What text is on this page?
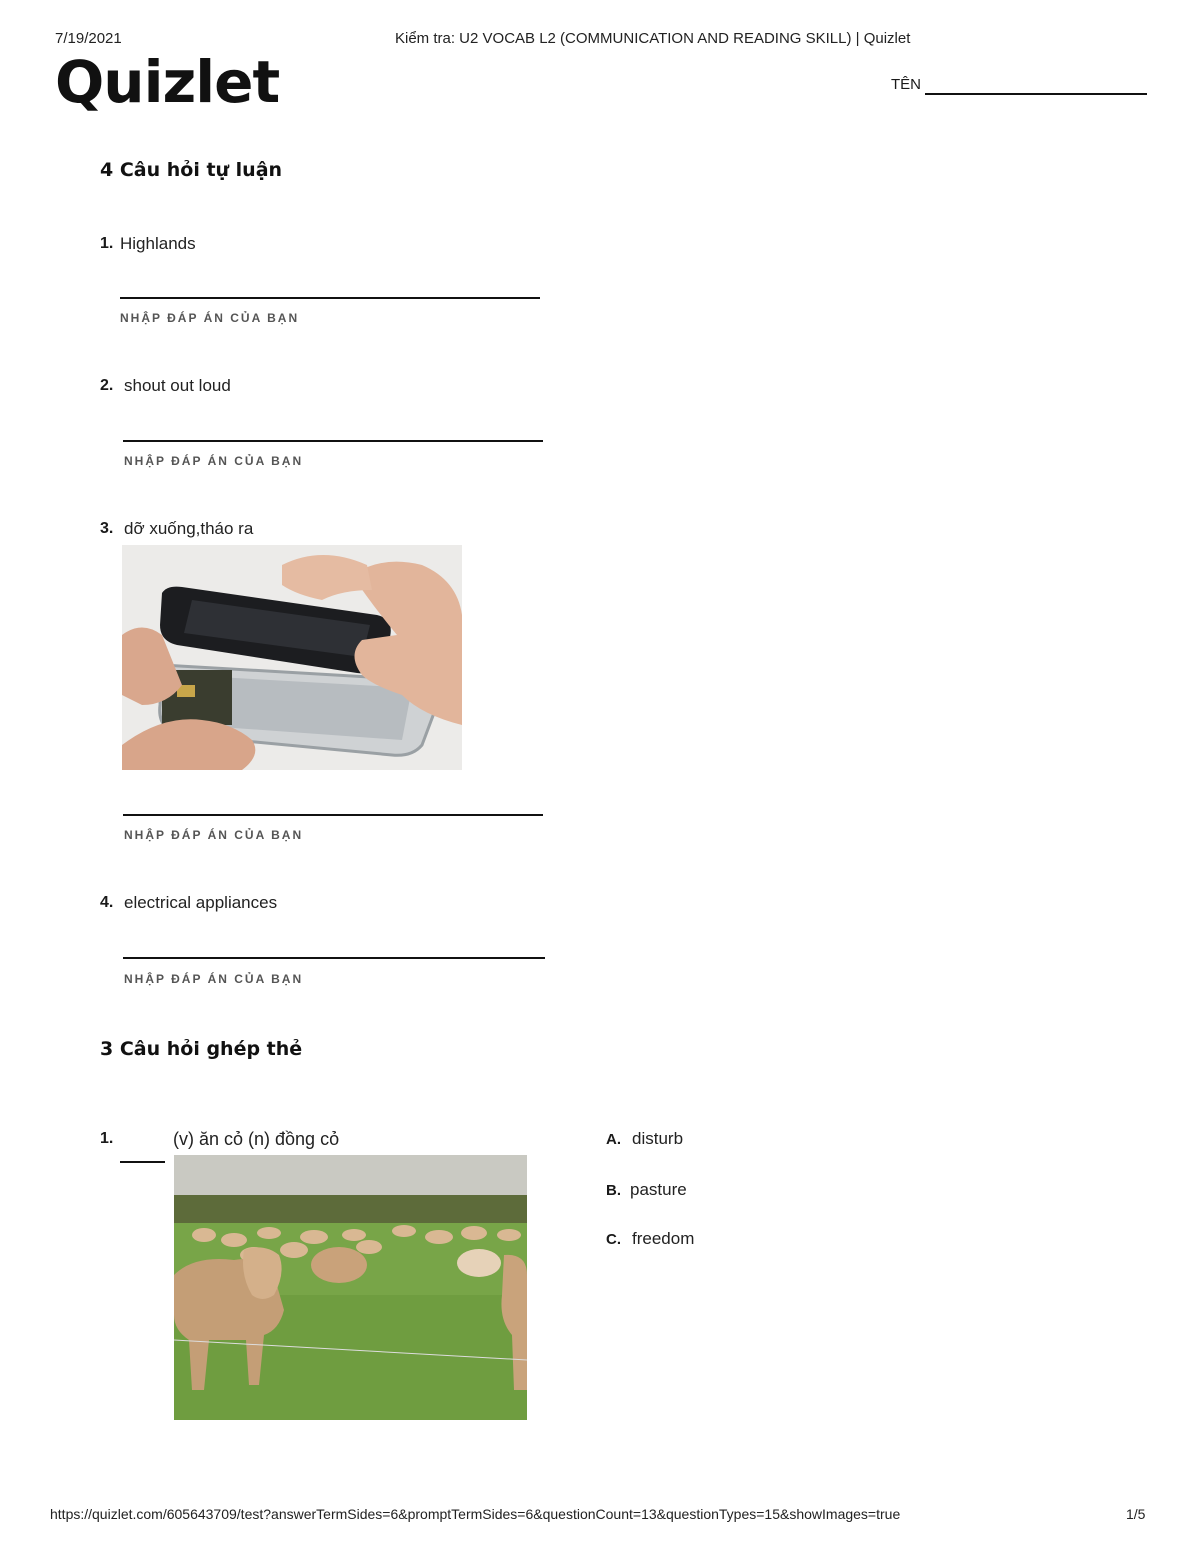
7/19/2021	Kiểm tra: U2 VOCAB L2 (COMMUNICATION AND READING SKILL) | Quizlet
Quizlet	TÊN
4 Câu hỏi tự luận
1. Highlands
NHẬP ĐÁP ÁN CỦA BẠN
2. shout out loud
NHẬP ĐÁP ÁN CỦA BẠN
3. dỡ xuống,tháo ra
NHẬP ĐÁP ÁN CỦA BẠN
4. electrical appliances
NHẬP ĐÁP ÁN CỦA BẠN
3 Câu hỏi ghép thẻ
1.	(v) ăn cỏ (n) đồng cỏ	A. disturb
B. pasture
C. freedom
https://quizlet.com/605643709/test?answerTermSides=6&promptTermSides=6&questionCount=13&questionTypes=15&showImages=true	1/5
